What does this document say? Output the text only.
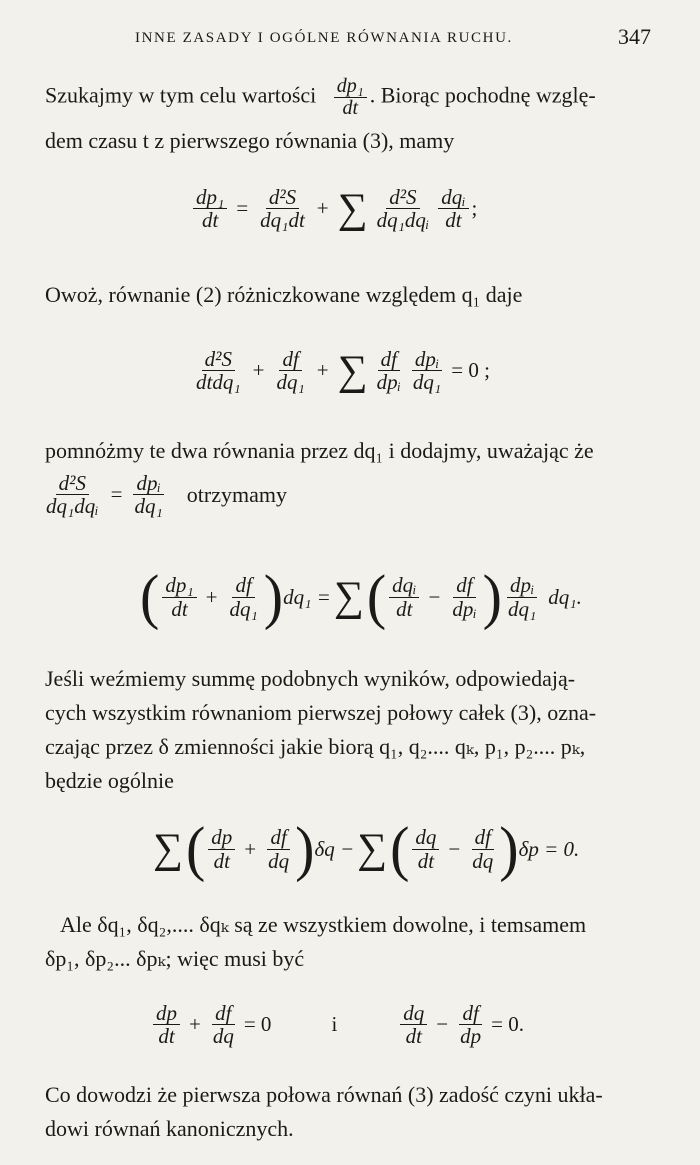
INNE ZASADY I OGÓLNE RÓWNANIA RUCHU.	347
Szukajmy w tym celu wartości $\frac{\text{dp₁}}{dt}$ . Biorąc pochodnę wzglę-
dem czasu t z pierwszego równania (3), mamy
$\frac{\text{dp₁}}{dt} = \frac{\text{d²S}}{\text{dq₁dt}}$ + ∑ $\frac{\text{d²S}}{\text{dq₁dqᵢ}} \frac{\text{dqᵢ}}{dt}$ ;
Owoż, równanie (2) różniczkowane względem q₁ daje
$\frac{\text{d²S}}{\text{dtdq₁}} + \frac{df}{\text{dq₁}}$ + ∑ $\frac{df}{\text{dpᵢ}} \frac{\text{dpᵢ}}{\text{dq₁}} = 0$ ;
pomnóżmy te dwa równania przez dq₁ i dodajmy, uważając że
$\frac{\text{d²S}}{\text{dq₁dqᵢ}} = \frac{\text{dpᵢ}}{\text{dq₁}}$ otrzymamy
( $\frac{\text{dp₁}}{dt} + \frac{df}{\text{dq₁}}$ ) dq₁ = ∑ ( $\frac{\text{dqᵢ}}{dt} - \frac{df}{\text{dpᵢ}}$ ) $\frac{\text{dpᵢ}}{\text{dq₁}} dq_1$.
Jeśli weźmiemy summę podobnych wyników, odpowiedają-
cych wszystkim równaniom pierwszej połowy całek (3), ozna-
czając przez δ zmienności jakie biorą q₁, q₂.... qₖ, p₁, p₂.... pₖ,
będzie ogólnie
∑ ( $\frac{dp}{dt} + \frac{df}{dq}$ ) δq − ∑ ( $\frac{dq}{dt} - \frac{df}{dq}$ ) δp = 0.
Ale δq₁, δq₂,.... δqₖ są ze wszystkiem dowolne, i temsamem
δp₁, δp₂... δpₖ; więc musi być
$\frac{dp}{dt} + \frac{df}{dq} = 0$	i	$\frac{dq}{dt} - \frac{df}{dp} = 0$.
Co dowodzi że pierwsza połowa równań (3) zadość czyni ukła-
dowi równań kanonicznych.
